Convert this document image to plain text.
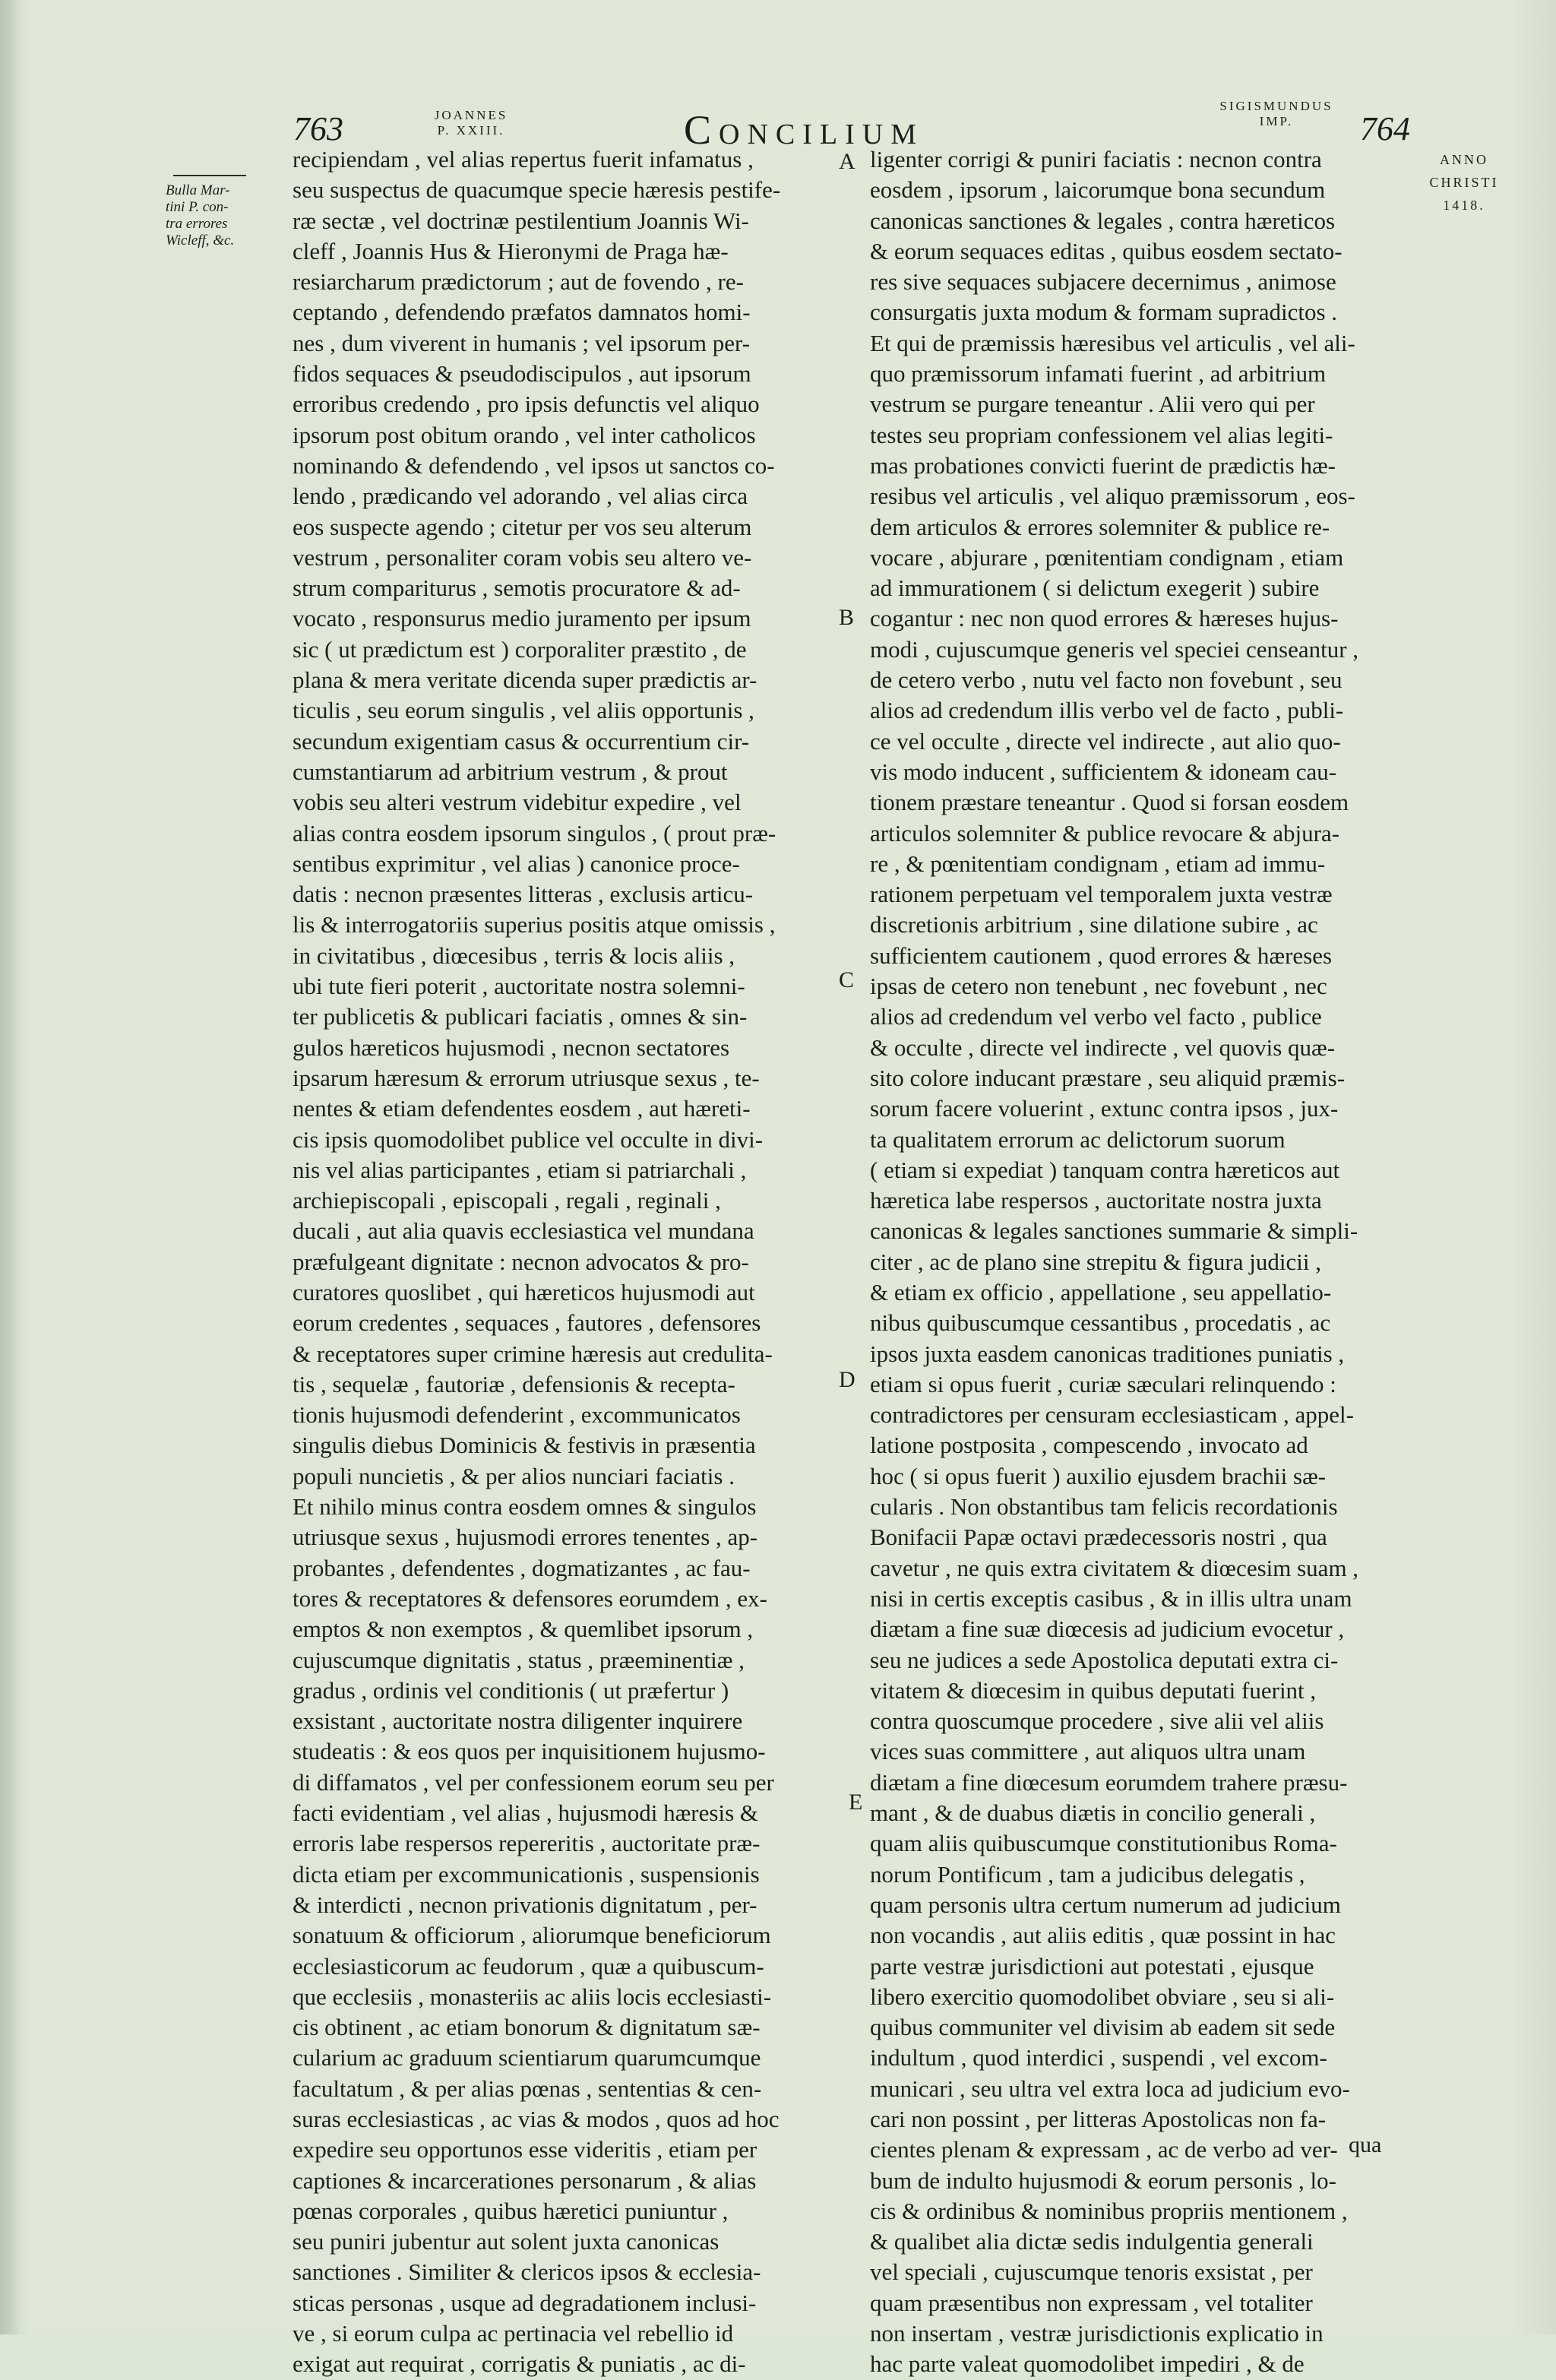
763	JOANNES
P. XXIII.	Concilium
SIGISMUNDUS
IMP.	764
Bulla Mar-
tini P. con-
tra errores
Wicleff, &c.
ANNO
CHRISTI
1418.
A
B
C
D
E
recipiendam , vel alias repertus fuerit infamatus ,
seu suspectus de quacumque specie hæresis pestife-
ræ sectæ , vel doctrinæ pestilentium Joannis Wi-
cleff , Joannis Hus & Hieronymi de Praga hæ-
resiarcharum prædictorum ; aut de fovendo , re-
ceptando , defendendo præfatos damnatos homi-
nes , dum viverent in humanis ; vel ipsorum per-
fidos sequaces & pseudodiscipulos , aut ipsorum
erroribus credendo , pro ipsis defunctis vel aliquo
ipsorum post obitum orando , vel inter catholicos
nominando & defendendo , vel ipsos ut sanctos co-
lendo , prædicando vel adorando , vel alias circa
eos suspecte agendo ; citetur per vos seu alterum
vestrum , personaliter coram vobis seu altero ve-
strum compariturus , semotis procuratore & ad-
vocato , responsurus medio juramento per ipsum
sic ( ut prædictum est ) corporaliter præstito , de
plana & mera veritate dicenda super prædictis ar-
ticulis , seu eorum singulis , vel aliis opportunis ,
secundum exigentiam casus & occurrentium cir-
cumstantiarum ad arbitrium vestrum , & prout
vobis seu alteri vestrum videbitur expedire , vel
alias contra eosdem ipsorum singulos , ( prout præ-
sentibus exprimitur , vel alias ) canonice proce-
datis : necnon præsentes litteras , exclusis articu-
lis & interrogatoriis superius positis atque omissis ,
in civitatibus , diœcesibus , terris & locis aliis ,
ubi tute fieri poterit , auctoritate nostra solemni-
ter publicetis & publicari faciatis , omnes & sin-
gulos hæreticos hujusmodi , necnon sectatores
ipsarum hæresum & errorum utriusque sexus , te-
nentes & etiam defendentes eosdem , aut hæreti-
cis ipsis quomodolibet publice vel occulte in divi-
nis vel alias participantes , etiam si patriarchali ,
archiepiscopali , episcopali , regali , reginali ,
ducali , aut alia quavis ecclesiastica vel mundana
præfulgeant dignitate : necnon advocatos & pro-
curatores quoslibet , qui hæreticos hujusmodi aut
eorum credentes , sequaces , fautores , defensores
& receptatores super crimine hæresis aut credulita-
tis , sequelæ , fautoriæ , defensionis & recepta-
tionis hujusmodi defenderint , excommunicatos
singulis diebus Dominicis & festivis in præsentia
populi nuncietis , & per alios nunciari faciatis .
Et nihilo minus contra eosdem omnes & singulos
utriusque sexus , hujusmodi errores tenentes , ap-
probantes , defendentes , dogmatizantes , ac fau-
tores & receptatores & defensores eorumdem , ex-
emptos & non exemptos , & quemlibet ipsorum ,
cujuscumque dignitatis , status , præeminentiæ ,
gradus , ordinis vel conditionis ( ut præfertur )
exsistant , auctoritate nostra diligenter inquirere
studeatis : & eos quos per inquisitionem hujusmo-
di diffamatos , vel per confessionem eorum seu per
facti evidentiam , vel alias , hujusmodi hæresis &
erroris labe respersos repereritis , auctoritate præ-
dicta etiam per excommunicationis , suspensionis
& interdicti , necnon privationis dignitatum , per-
sonatuum & officiorum , aliorumque beneficiorum
ecclesiasticorum ac feudorum , quæ a quibuscum-
que ecclesiis , monasteriis ac aliis locis ecclesiasti-
cis obtinent , ac etiam bonorum & dignitatum sæ-
cularium ac graduum scientiarum quarumcumque
facultatum , & per alias pœnas , sententias & cen-
suras ecclesiasticas , ac vias & modos , quos ad hoc
expedire seu opportunos esse videritis , etiam per
captiones & incarcerationes personarum , & alias
pœnas corporales , quibus hæretici puniuntur ,
seu puniri jubentur aut solent juxta canonicas
sanctiones . Similiter & clericos ipsos & ecclesia-
sticas personas , usque ad degradationem inclusi-
ve , si eorum culpa ac pertinacia vel rebellio id
exigat aut requirat , corrigatis & puniatis , ac di-
ligenter corrigi & puniri faciatis : necnon contra
eosdem , ipsorum , laicorumque bona secundum
canonicas sanctiones & legales , contra hæreticos
& eorum sequaces editas , quibus eosdem sectato-
res sive sequaces subjacere decernimus , animose
consurgatis juxta modum & formam supradictos .
Et qui de præmissis hæresibus vel articulis , vel ali-
quo præmissorum infamati fuerint , ad arbitrium
vestrum se purgare teneantur . Alii vero qui per
testes seu propriam confessionem vel alias legiti-
mas probationes convicti fuerint de prædictis hæ-
resibus vel articulis , vel aliquo præmissorum , eos-
dem articulos & errores solemniter & publice re-
vocare , abjurare , pœnitentiam condignam , etiam
ad immurationem ( si delictum exegerit ) subire
cogantur : nec non quod errores & hæreses hujus-
modi , cujuscumque generis vel speciei censeantur ,
de cetero verbo , nutu vel facto non fovebunt , seu
alios ad credendum illis verbo vel de facto , publi-
ce vel occulte , directe vel indirecte , aut alio quo-
vis modo inducent , sufficientem & idoneam cau-
tionem præstare teneantur . Quod si forsan eosdem
articulos solemniter & publice revocare & abjura-
re , & pœnitentiam condignam , etiam ad immu-
rationem perpetuam vel temporalem juxta vestræ
discretionis arbitrium , sine dilatione subire , ac
sufficientem cautionem , quod errores & hæreses
ipsas de cetero non tenebunt , nec fovebunt , nec
alios ad credendum vel verbo vel facto , publice
& occulte , directe vel indirecte , vel quovis quæ-
sito colore inducant præstare , seu aliquid præmis-
sorum facere voluerint , extunc contra ipsos , jux-
ta qualitatem errorum ac delictorum suorum
( etiam si expediat ) tanquam contra hæreticos aut
hæretica labe respersos , auctoritate nostra juxta
canonicas & legales sanctiones summarie & simpli-
citer , ac de plano sine strepitu & figura judicii ,
& etiam ex officio , appellatione , seu appellatio-
nibus quibuscumque cessantibus , procedatis , ac
ipsos juxta easdem canonicas traditiones puniatis ,
etiam si opus fuerit , curiæ sæculari relinquendo :
contradictores per censuram ecclesiasticam , appel-
latione postposita , compescendo , invocato ad
hoc ( si opus fuerit ) auxilio ejusdem brachii sæ-
cularis . Non obstantibus tam felicis recordationis
Bonifacii Papæ octavi prædecessoris nostri , qua
cavetur , ne quis extra civitatem & diœcesim suam ,
nisi in certis exceptis casibus , & in illis ultra unam
diætam a fine suæ diœcesis ad judicium evocetur ,
seu ne judices a sede Apostolica deputati extra ci-
vitatem & diœcesim in quibus deputati fuerint ,
contra quoscumque procedere , sive alii vel aliis
vices suas committere , aut aliquos ultra unam
diætam a fine diœcesum eorumdem trahere præsu-
mant , & de duabus diætis in concilio generali ,
quam aliis quibuscumque constitutionibus Roma-
norum Pontificum , tam a judicibus delegatis ,
quam personis ultra certum numerum ad judicium
non vocandis , aut aliis editis , quæ possint in hac
parte vestræ jurisdictioni aut potestati , ejusque
libero exercitio quomodolibet obviare , seu si ali-
quibus communiter vel divisim ab eadem sit sede
indultum , quod interdici , suspendi , vel excom-
municari , seu ultra vel extra loca ad judicium evo-
cari non possint , per litteras Apostolicas non fa-
cientes plenam & expressam , ac de verbo ad ver-
bum de indulto hujusmodi & eorum personis , lo-
cis & ordinibus & nominibus propriis mentionem ,
& qualibet alia dictæ sedis indulgentia generali
vel speciali , cujuscumque tenoris exsistat , per
quam præsentibus non expressam , vel totaliter
non insertam , vestræ jurisdictionis explicatio in
hac parte valeat quomodolibet impediri , & de
qua
